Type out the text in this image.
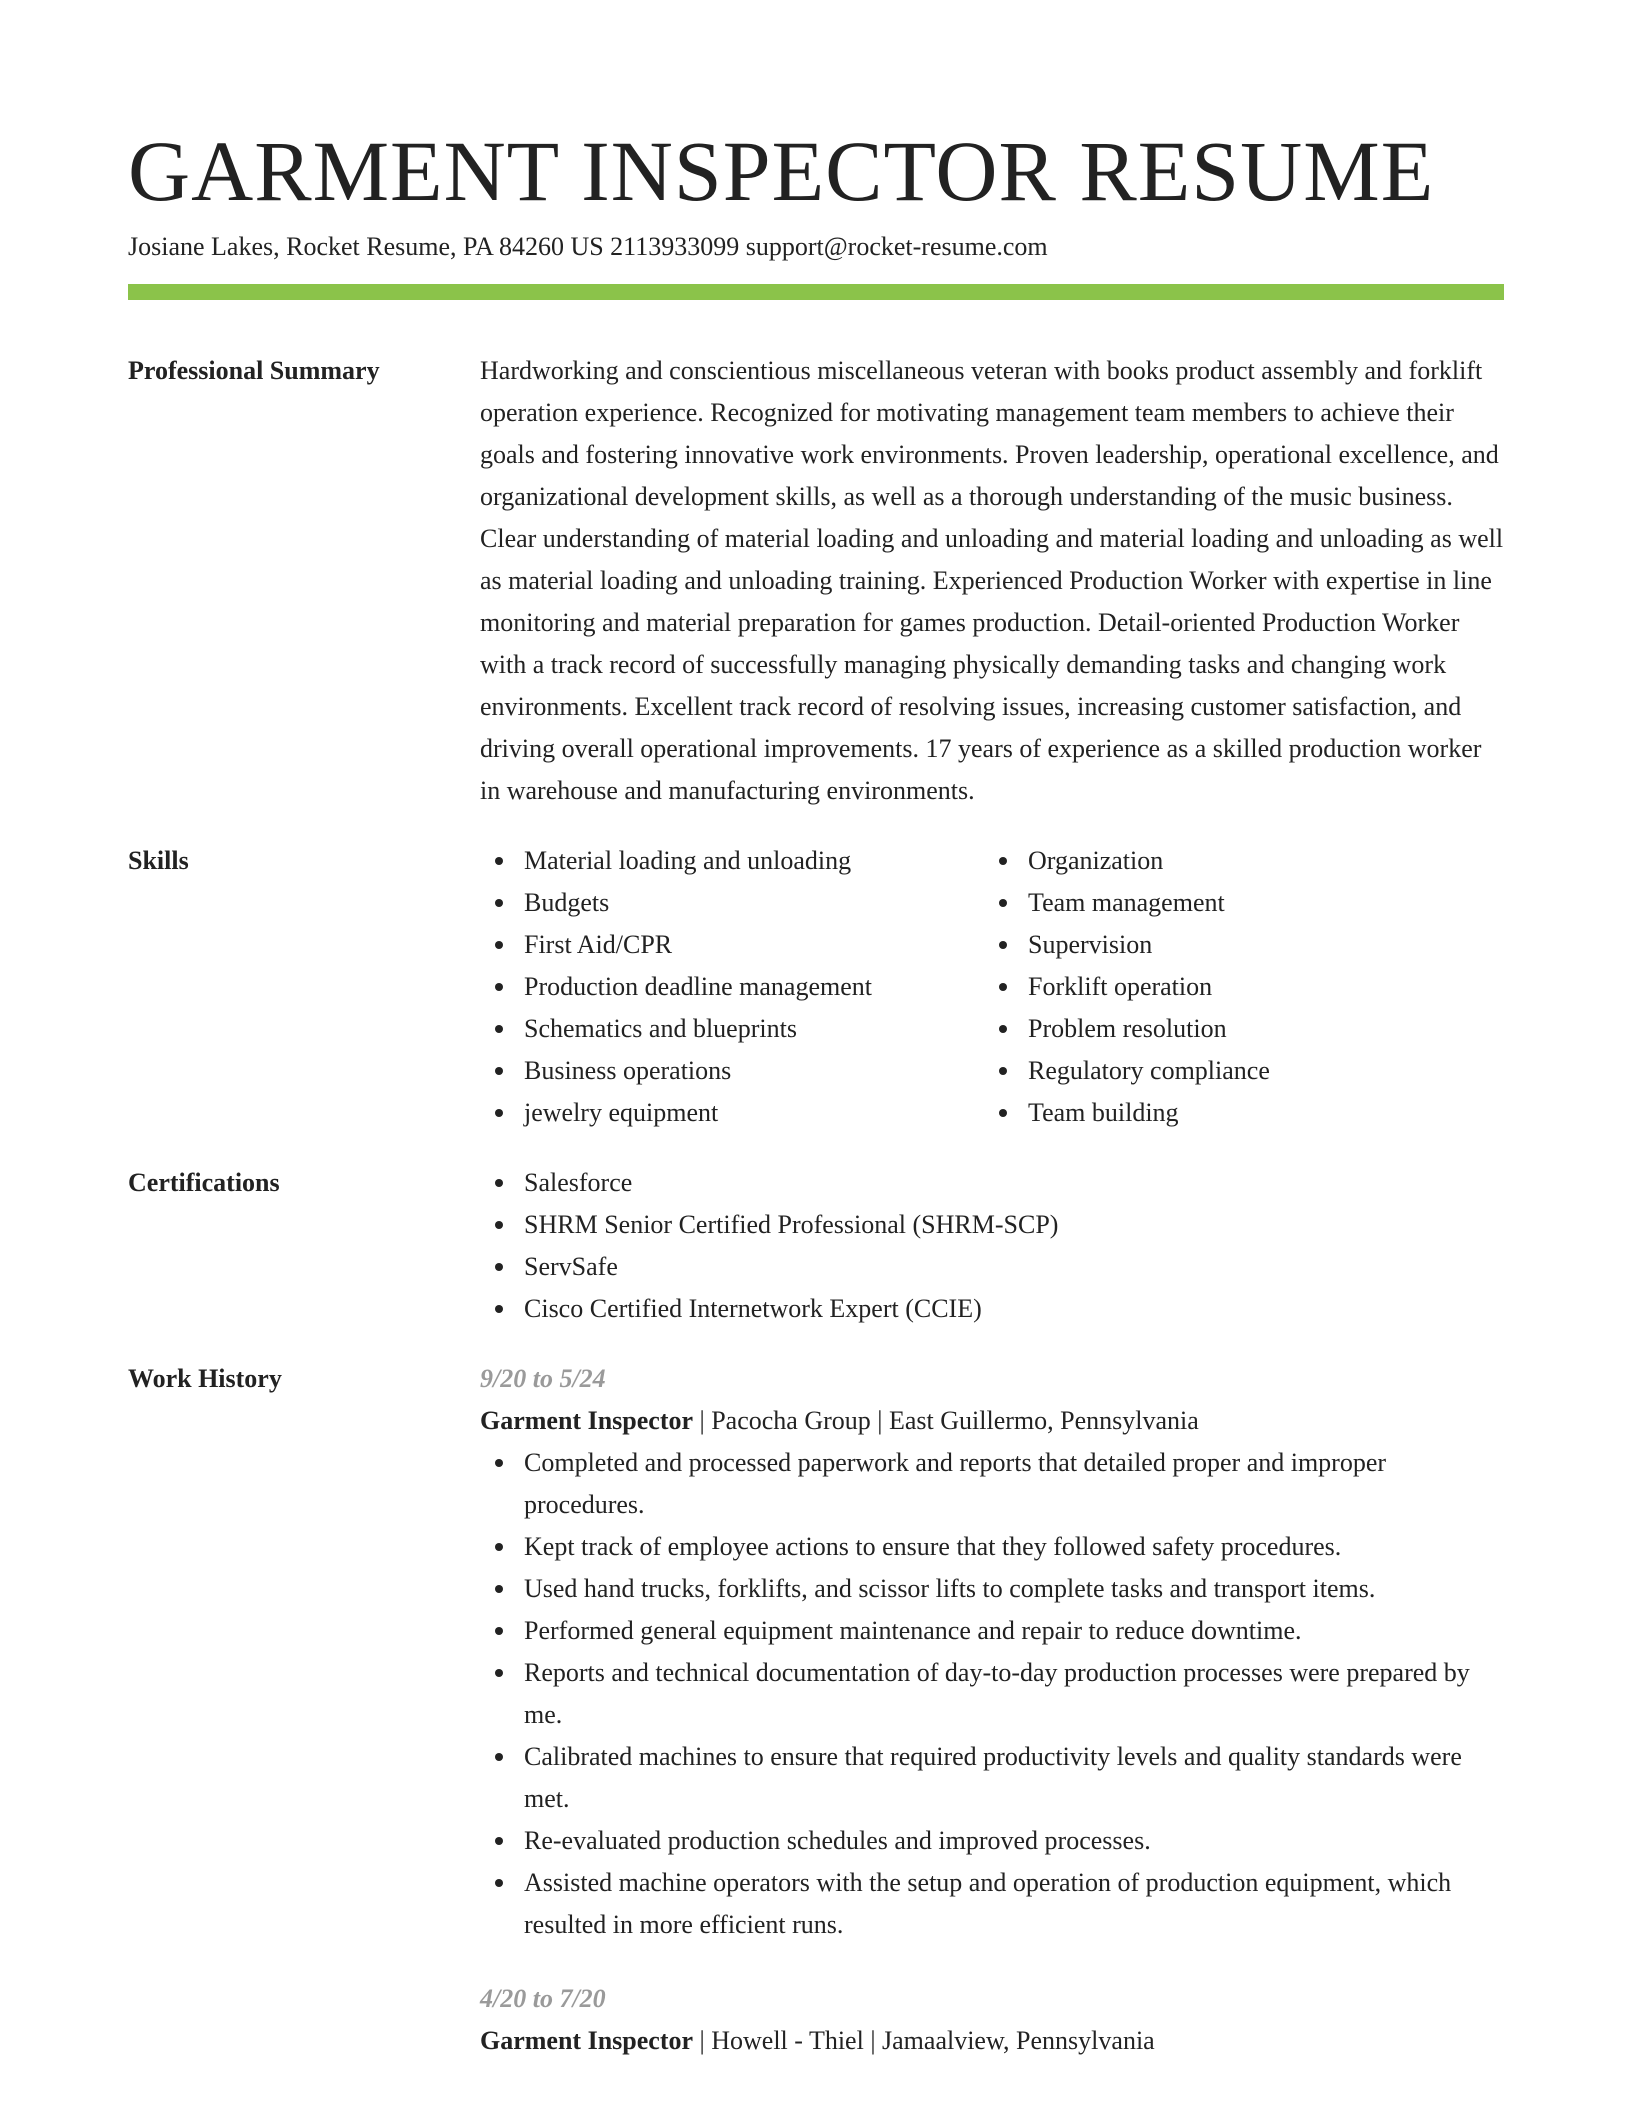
GARMENT INSPECTOR RESUME
Josiane Lakes, Rocket Resume, PA 84260 US 2113933099 support@rocket-resume.com
Professional Summary	Hardworking and conscientious miscellaneous veteran with books product assembly and forklift operation experience. Recognized for motivating management team members to achieve their goals and fostering innovative work environments. Proven leadership, operational excellence, and organizational development skills, as well as a thorough understanding of the music business. Clear understanding of material loading and unloading and material loading and unloading as well as material loading and unloading training. Experienced Production Worker with expertise in line monitoring and material preparation for games production. Detail-oriented Production Worker with a track record of successfully managing physically demanding tasks and changing work environments. Excellent track record of resolving issues, increasing customer satisfaction, and driving overall operational improvements. 17 years of experience as a skilled production worker in warehouse and manufacturing environments.
Skills	Material loading and unloading
Budgets
First Aid/CPR
Production deadline management
Schematics and blueprints
Business operations
jewelry equipment
Organization
Team management
Supervision
Forklift operation
Problem resolution
Regulatory compliance
Team building
Certifications	Salesforce
SHRM Senior Certified Professional (SHRM-SCP)
ServSafe
Cisco Certified Internetwork Expert (CCIE)
Work History	9/20 to 5/24
Garment Inspector | Pacocha Group | East Guillermo, Pennsylvania
Completed and processed paperwork and reports that detailed proper and improper procedures.
Kept track of employee actions to ensure that they followed safety procedures.
Used hand trucks, forklifts, and scissor lifts to complete tasks and transport items.
Performed general equipment maintenance and repair to reduce downtime.
Reports and technical documentation of day-to-day production processes were prepared by me.
Calibrated machines to ensure that required productivity levels and quality standards were met.
Re-evaluated production schedules and improved processes.
Assisted machine operators with the setup and operation of production equipment, which resulted in more efficient runs.
4/20 to 7/20
Garment Inspector | Howell - Thiel | Jamaalview, Pennsylvania
